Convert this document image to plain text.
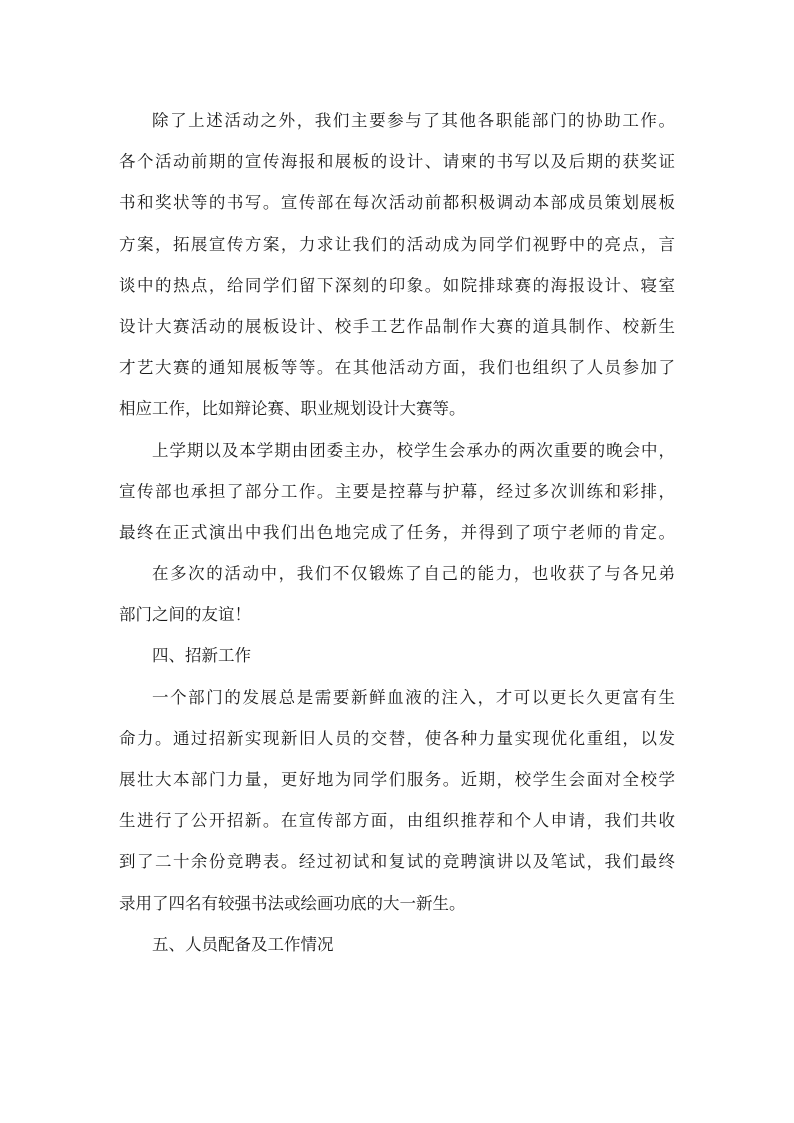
除了上述活动之外，我们主要参与了其他各职能部门的协助工作。
各个活动前期的宣传海报和展板的设计、请柬的书写以及后期的获奖证
书和奖状等的书写。宣传部在每次活动前都积极调动本部成员策划展板
方案，拓展宣传方案，力求让我们的活动成为同学们视野中的亮点，言
谈中的热点，给同学们留下深刻的印象。如院排球赛的海报设计、寝室
设计大赛活动的展板设计、校手工艺作品制作大赛的道具制作、校新生
才艺大赛的通知展板等等。在其他活动方面，我们也组织了人员参加了
相应工作，比如辩论赛、职业规划设计大赛等。
上学期以及本学期由团委主办，校学生会承办的两次重要的晚会中，
宣传部也承担了部分工作。主要是控幕与护幕，经过多次训练和彩排，
最终在正式演出中我们出色地完成了任务，并得到了项宁老师的肯定。
在多次的活动中，我们不仅锻炼了自己的能力，也收获了与各兄弟
部门之间的友谊！
四、招新工作
一个部门的发展总是需要新鲜血液的注入，才可以更长久更富有生
命力。通过招新实现新旧人员的交替，使各种力量实现优化重组，以发
展壮大本部门力量，更好地为同学们服务。近期，校学生会面对全校学
生进行了公开招新。在宣传部方面，由组织推荐和个人申请，我们共收
到了二十余份竞聘表。经过初试和复试的竞聘演讲以及笔试，我们最终
录用了四名有较强书法或绘画功底的大一新生。
五、人员配备及工作情况
